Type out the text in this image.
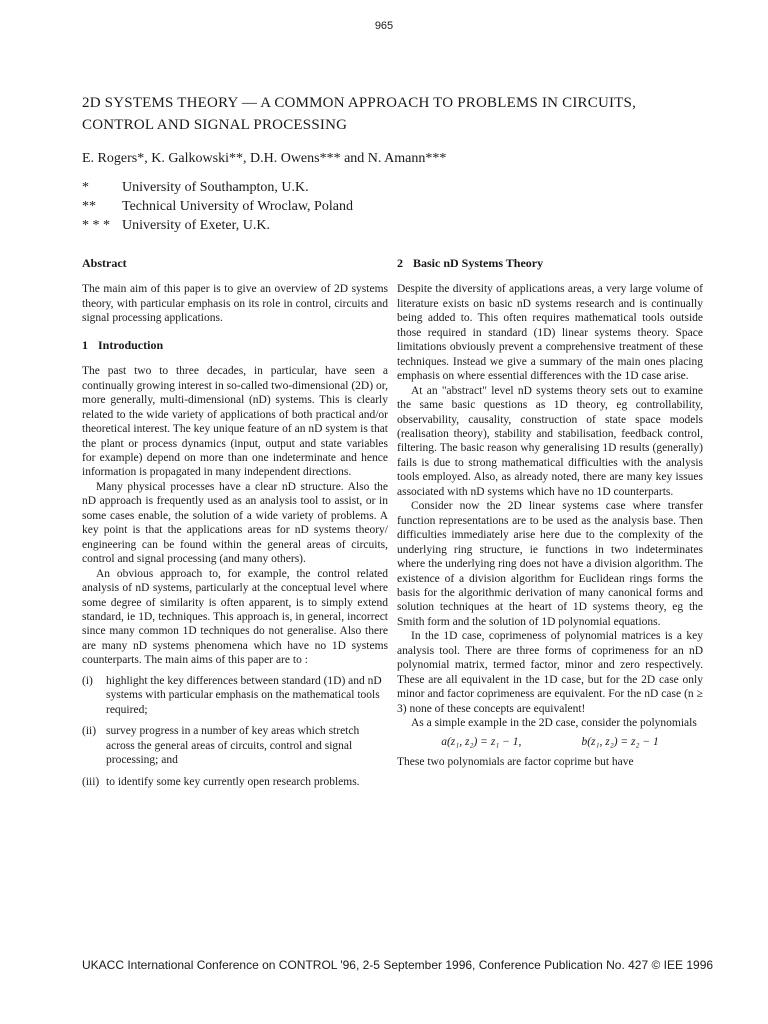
965
2D SYSTEMS THEORY — A COMMON APPROACH TO PROBLEMS IN CIRCUITS, CONTROL AND SIGNAL PROCESSING
E. Rogers*, K. Galkowski**, D.H. Owens*** and N. Amann***
*	University of Southampton, U.K.
**	Technical University of Wroclaw, Poland
* * * University of Exeter, U.K.
Abstract

The main aim of this paper is to give an overview of 2D systems theory, with particular emphasis on its role in control, circuits and signal processing applications.

1 Introduction

The past two to three decades, in particular, have seen a continually growing interest in so-called two-dimensional (2D) or, more generally, multi-dimensional (nD) systems. This is clearly related to the wide variety of applications of both practical and/or theoretical interest. The key unique feature of an nD system is that the plant or process dynamics (input, output and state variables for example) depend on more than one indeterminate and hence information is propagated in many independent directions.

Many physical processes have a clear nD structure. Also the nD approach is frequently used as an analysis tool to assist, or in some cases enable, the solution of a wide variety of problems. A key point is that the applications areas for nD systems theory/ engineering can be found within the general areas of circuits, control and signal processing (and many others).

An obvious approach to, for example, the control related analysis of nD systems, particularly at the conceptual level where some degree of similarity is often apparent, is to simply extend standard, ie 1D, techniques. This approach is, in general, incorrect since many common 1D techniques do not generalise. Also there are many nD systems phenomena which have no 1D systems counterparts. The main aims of this paper are to :

(i)	highlight the key differences between standard (1D) and nD systems with particular emphasis on the mathematical tools required;
(ii) survey progress in a number of key areas which stretch across the general areas of circuits, control and signal processing; and
(iii) to identify some key currently open research problems.
2 Basic nD Systems Theory

Despite the diversity of applications areas, a very large volume of literature exists on basic nD systems research and is continually being added to. This often requires mathematical tools outside those required in standard (1D) linear systems theory. Space limitations obviously prevent a comprehensive treatment of these techniques. Instead we give a summary of the main ones placing emphasis on where essential differences with the 1D case arise.

At an "abstract" level nD systems theory sets out to examine the same basic questions as 1D theory, eg controllability, observability, causality, construction of state space models (realisation theory), stability and stabilisation, feedback control, filtering. The basic reason why generalising 1D results (generally) fails is due to strong mathematical difficulties with the analysis tools employed. Also, as already noted, there are many key issues associated with nD systems which have no 1D counterparts.

Consider now the 2D linear systems case where transfer function representations are to be used as the analysis base. Then difficulties immediately arise here due to the complexity of the underlying ring structure, ie functions in two indeterminates where the underlying ring does not have a division algorithm. The existence of a division algorithm for Euclidean rings forms the basis for the algorithmic derivation of many canonical forms and solution techniques at the heart of 1D systems theory, eg the Smith form and the solution of 1D polynomial equations.

In the 1D case, coprimeness of polynomial matrices is a key analysis tool. There are three forms of coprimeness for an nD polynomial matrix, termed factor, minor and zero respectively. These are all equivalent in the 1D case, but for the 2D case only minor and factor coprimeness are equivalent. For the nD case (n ≥ 3) none of these concepts are equivalent!

As a simple example in the 2D case, consider the polynomials

a(z₁, z₂) = z₁ − 1,	b(z₁, z₂) = z₂ − 1

These two polynomials are factor coprime but have

UKACC International Conference on CONTROL '96, 2-5 September 1996, Conference Publication No. 427 © IEE 1996
